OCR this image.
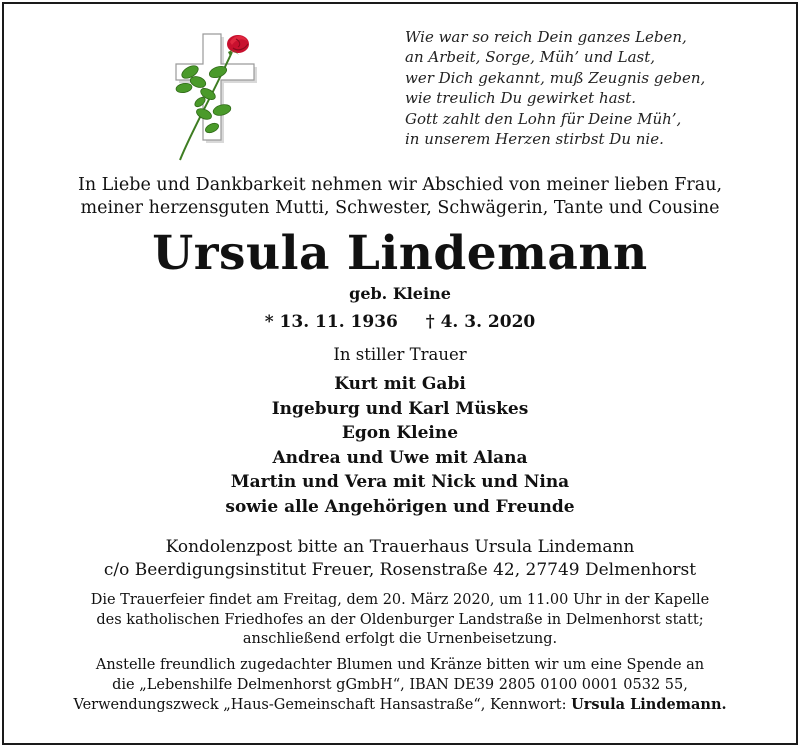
Wie war so reich Dein ganzes Leben,
an Arbeit, Sorge, Müh’ und Last,
wer Dich gekannt, muß Zeugnis geben,
wie treulich Du gewirket hast.
Gott zahlt den Lohn für Deine Müh’,
in unserem Herzen stirbst Du nie.
In Liebe und Dankbarkeit nehmen wir Abschied von meiner lieben Frau,
meiner herzensguten Mutti, Schwester, Schwägerin, Tante und Cousine
Ursula Lindemann
geb. Kleine
* 13. 11. 1936 † 4. 3. 2020
In stiller Trauer
Kurt mit Gabi
Ingeburg und Karl Müskes
Egon Kleine
Andrea und Uwe mit Alana
Martin und Vera mit Nick und Nina
sowie alle Angehörigen und Freunde
Kondolenzpost bitte an Trauerhaus Ursula Lindemann
c/o Beerdigungsinstitut Freuer, Rosenstraße 42, 27749 Delmenhorst
Die Trauerfeier findet am Freitag, dem 20. März 2020, um 11.00 Uhr in der Kapelle
des katholischen Friedhofes an der Oldenburger Landstraße in Delmenhorst statt;
anschließend erfolgt die Urnenbeisetzung.
Anstelle freundlich zugedachter Blumen und Kränze bitten wir um eine Spende an
die „Lebenshilfe Delmenhorst gGmbH“, IBAN DE39 2805 0100 0001 0532 55,
Verwendungszweck „Haus-Gemeinschaft Hansastraße“, Kennwort: Ursula Lindemann.
